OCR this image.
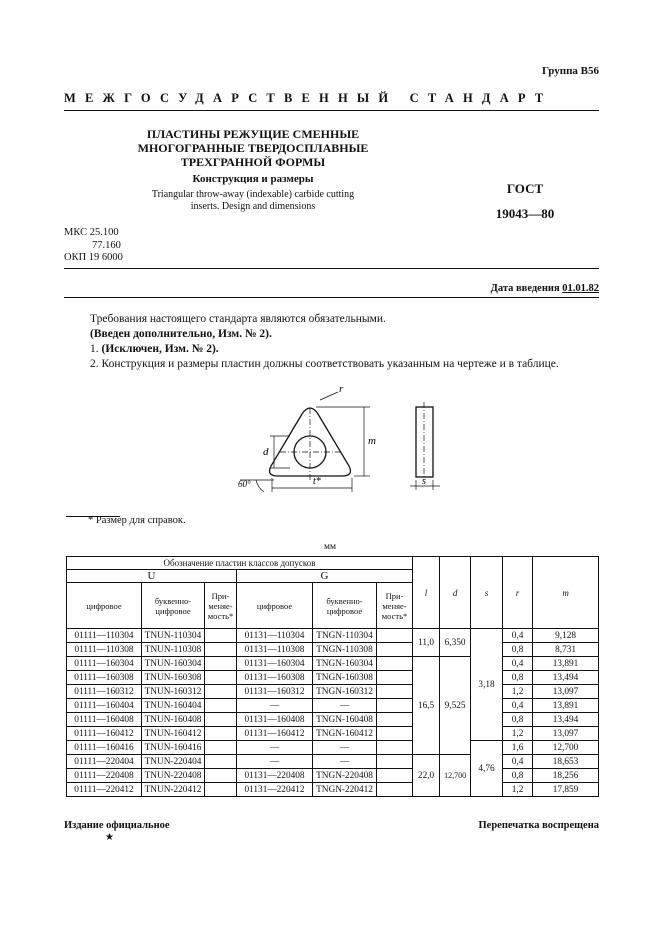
Группа В56
МЕЖГОСУДАРСТВЕННЫЙ СТАНДАРТ
ПЛАСТИНЫ РЕЖУЩИЕ СМЕННЫЕ
МНОГОГРАННЫЕ ТВЕРДОСПЛАВНЫЕ
ТРЕХГРАННОЙ ФОРМЫ
Конструкция и размеры
Triangular throw-away (indexable) carbide cutting
inserts. Design and dimensions
ГОСТ
19043—80
МКС 25.100
77.160
ОКП 19 6000
Дата введения 01.01.82
Требования настоящего стандарта являются обязательными.
(Введен дополнительно, Изм. № 2).
1. (Исключен, Изм. № 2).
2. Конструкция и размеры пластин должны соответствовать указанным на чертеже и в таблице.
r
m
d
t*
60°	s
* Размер для справок.
мм
Обозначение пластин классов допусков						l	d	s	r	m
U			G							
цифровое	буквенно-цифровое	При-меняе-мость*	цифровое	буквенно-цифровое	При-меняе-мость*					
01111—110304	TNUN-110304		01131—110304	TNGN-110304		11,0	6,350	3,18	0,4	9,128
01111—110308	TNUN-110308		01131—110308	TNGN-110308					0,8	8,731
01111—160304	TNUN-160304		01131—160304	TNGN-160304		16,5	9,525		0,4	13,891
01111—160308	TNUN-160308		01131—160308	TNGN-160308					0,8	13,494
01111—160312	TNUN-160312		01131—160312	TNGN-160312					1,2	13,097
01111—160404	TNUN-160404		—	—					0,4	13,891
01111—160408	TNUN-160408		01131—160408	TNGN-160408					0,8	13,494
01111—160412	TNUN-160412		01131—160412	TNGN-160412					1,2	13,097
01111—160416	TNUN-160416		—	—				4,76	1,6	12,700
01111—220404	TNUN-220404		—	—		22,0	12,700		0,4	18,653
01111—220408	TNUN-220408		01131—220408	TNGN-220408					0,8	18,256
01111—220412	TNUN-220412		01131—220412	TNGN-220412					1,2	17,859
Издание официальное
★
Перепечатка воспрещена
